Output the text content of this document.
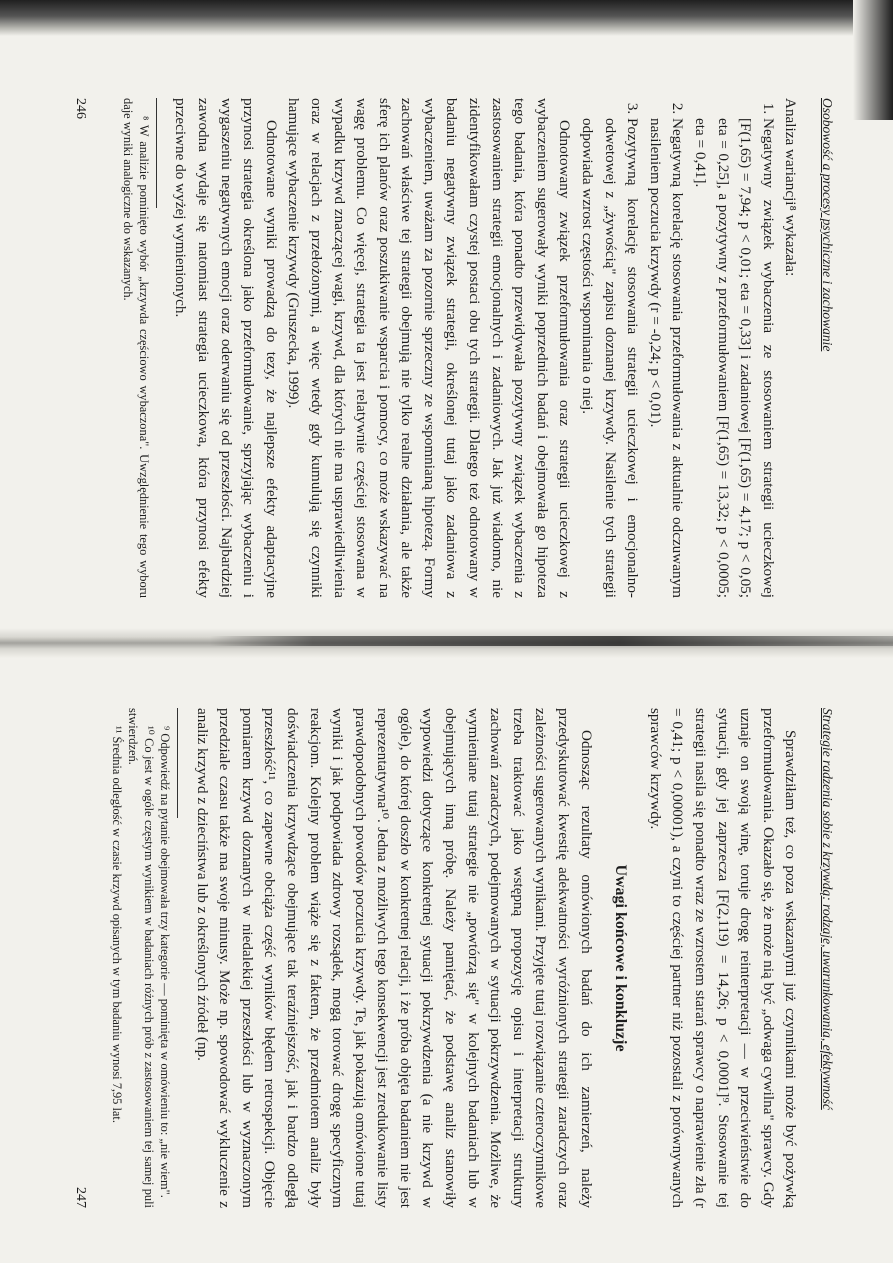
Osobowość a procesy psychiczne i zachowanie

Analiza wariancji⁸ wykazała:

1. Negatywny związek wybaczenia ze stosowaniem strategii ucieczkowej [F(1,65) = 7,94; p < 0,01; eta = 0,33] i zadaniowej [F(1,65) = 4,17; p < 0,05; eta = 0,25], a pozytywny z przeformułowaniem [F(1,65) = 13,32; p < 0,0005; eta = 0,41].
2. Negatywną korelację stosowania przeformułowania z aktualnie odczuwanym nasileniem poczucia krzywdy (r = -0,24; p < 0,01).
3. Pozytywną korelację stosowania strategii ucieczkowej i emocjonalno-odwetowej z „żywością" zapisu doznanej krzywdy. Nasilenie tych strategii odpowiada wzrost częstości wspominania o niej.

Odnotowany związek przeformułowania oraz strategii ucieczkowej z wybaczeniem sugerowały wyniki poprzednich badań i obejmowała go hipoteza tego badania, która ponadto przewidywała pozytywny związek wybaczenia z zastosowaniem strategii emocjonalnych i zadaniowych. Jak już wiadomo, nie zidentyfikowałam czystej postaci obu tych strategii. Dlatego też odnotowany w badaniu negatywny związek strategii, określonej tutaj jako zadaniowa z wybaczeniem, uważam za pozornie sprzeczny ze wspomnianą hipotezą. Formy zachowań właściwe tej strategii obejmują nie tylko realne działania, ale także sferę ich planów oraz poszukiwanie wsparcia i pomocy, co może wskazywać na wagę problemu. Co więcej, strategia ta jest relatywnie częściej stosowana w wypadku krzywd znaczącej wagi, krzywd, dla których nie ma usprawiedliwienia oraz w relacjach z przełożonymi, a więc wtedy gdy kumulują się czynniki hamujące wybaczenie krzywdy (Gruszecka, 1999).

Odnotowane wyniki prowadzą do tezy, że najlepsze efekty adaptacyjne przynosi strategia określona jako przeformułowanie, sprzyjając wybaczeniu i wygaszeniu negatywnych emocji oraz oderwaniu się od przeszłości. Najbardziej zawodna wydaje się natomiast strategia ucieczkowa, która przynosi efekty przeciwne do wyżej wymienionych.

⁸ W analizie pominięto wybór „krzywda częściowo wybaczona". Uwzględnienie tego wyboru daje wyniki analogiczne do wskazanych.

246
Strategie radzenia sobie z krzywdą: rodzaje, uwarunkowania, efektywność

Sprawdziłam też, co poza wskazanymi już czynnikami może być pożywką przeformułowania. Okazało się, że może nią być „odwaga cywilna" sprawcy. Gdy uznaje on swoją winę, toruje drogę reinterpretacji — w przeciwieństwie do sytuacji, gdy jej zaprzecza [F(2,119) = 14,26; p < 0,0001]⁹. Stosowanie tej strategii nasila się ponadto wraz ze wzrostem starań sprawcy o naprawienie zła (r = 0,41; p < 0,00001), a czyni to częściej partner niż pozostali z porównywanych sprawców krzywdy.

Uwagi końcowe i konkluzje

Odnosząc rezultaty omówionych badań do ich zamierzeń, należy przedyskutować kwestię adekwatności wyróżnionych strategii zaradczych oraz zależności sugerowanych wynikami. Przyjęte tutaj rozwiązanie czteroczynnikowe trzeba traktować jako wstępną propozycję opisu i interpretacji struktury zachowań zaradczych, podejmowanych w sytuacji pokrzywdzenia. Możliwe, że wymieniane tutaj strategie nie „powtórzą się" w kolejnych badaniach lub w obejmujących inną próbę. Należy pamiętać, że podstawę analiz stanowiły wypowiedzi dotyczące konkretnej sytuacji pokrzywdzenia (a nie krzywd w ogóle), do której doszło w konkretnej relacji, i że próba objęta badaniem nie jest reprezentatywna¹⁰. Jedna z możliwych tego konsekwencji jest zredukowanie listy prawdopodobnych powodów poczucia krzywdy. Te, jak pokazują omówione tutaj wyniki i jak podpowiada zdrowy rozsądek, mogą torować drogę specyficznym reakcjom. Kolejny problem wiąże się z faktem, że przedmiotem analiz były doświadczenia krzywdzące obejmujące tak teraźniejszość, jak i bardzo odległą przeszłość¹¹, co zapewne obciąża część wyników błędem retrospekcji. Objęcie pomiarem krzywd doznanych w niedalekiej przeszłości lub w wyznaczonym przedziale czasu także ma swoje minusy. Może np. spowodować wykluczenie z analiz krzywd z dzieciństwa lub z określonych źródeł (np.

⁹ Odpowiedź na pytanie obejmowała trzy kategorie — pominięta w omówieniu to: „nie wiem".

¹⁰ Co jest w ogóle częstym wynikiem w badaniach różnych prób z zastosowaniem tej samej puli stwierdzeń.

¹¹ Średnia odległość w czasie krzywd opisanych w tym badaniu wynosi 7,95 lat.

247
